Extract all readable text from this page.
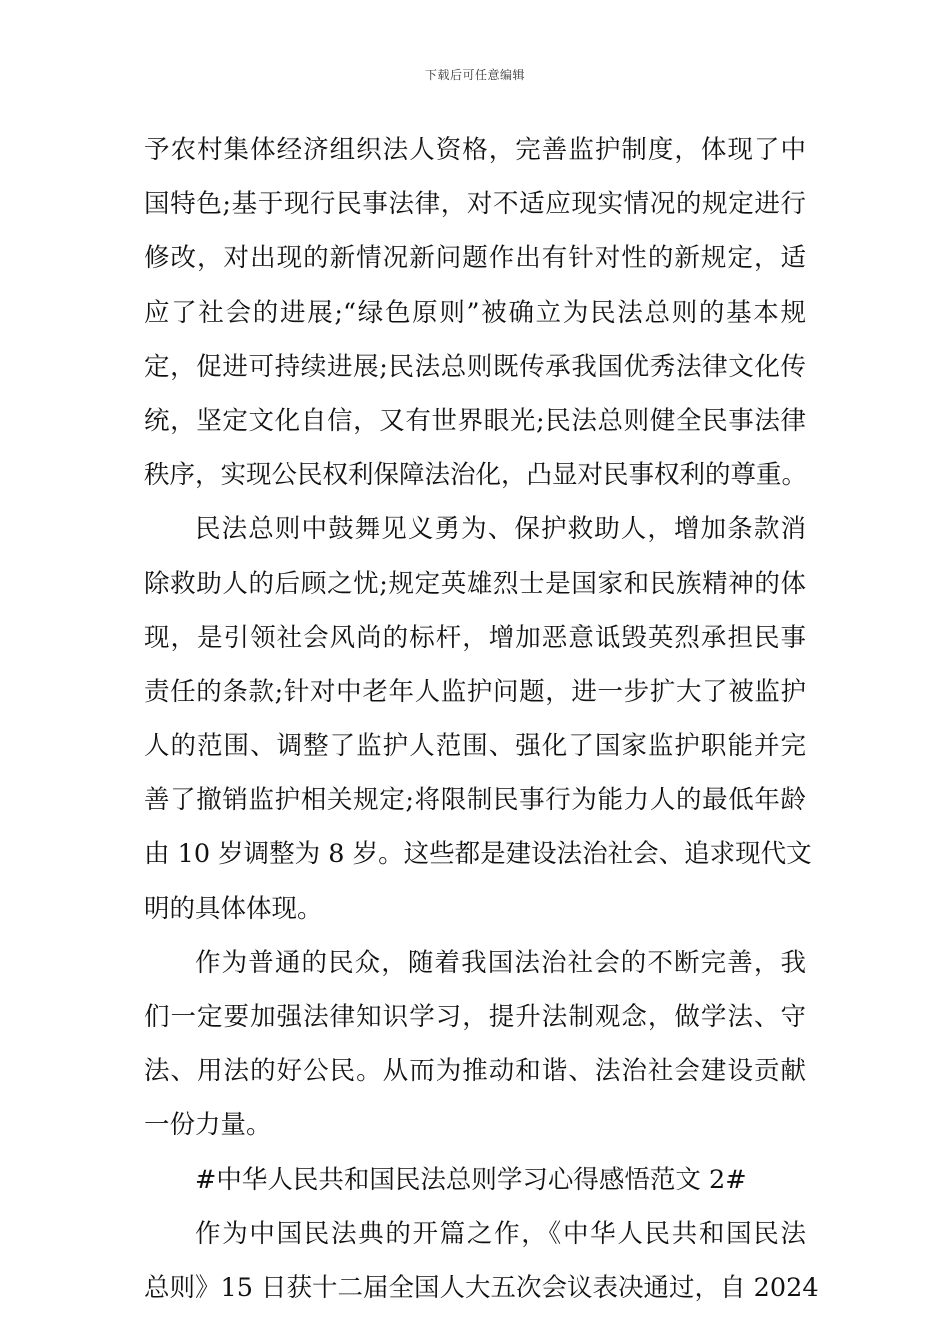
下载后可任意编辑
予农村集体经济组织法人资格，完善监护制度，体现了中
国特色;基于现行民事法律，对不适应现实情况的规定进行
修改，对出现的新情况新问题作出有针对性的新规定，适
应了社会的进展;“绿色原则”被确立为民法总则的基本规
定，促进可持续进展;民法总则既传承我国优秀法律文化传
统，坚定文化自信，又有世界眼光;民法总则健全民事法律
秩序，实现公民权利保障法治化，凸显对民事权利的尊重。
民法总则中鼓舞见义勇为、保护救助人，增加条款消
除救助人的后顾之忧;规定英雄烈士是国家和民族精神的体
现，是引领社会风尚的标杆，增加恶意诋毁英烈承担民事
责任的条款;针对中老年人监护问题，进一步扩大了被监护
人的范围、调整了监护人范围、强化了国家监护职能并完
善了撤销监护相关规定;将限制民事行为能力人的最低年龄
由 10 岁调整为 8 岁。这些都是建设法治社会、追求现代文
明的具体体现。
作为普通的民众，随着我国法治社会的不断完善，我
们一定要加强法律知识学习，提升法制观念，做学法、守
法、用法的好公民。从而为推动和谐、法治社会建设贡献
一份力量。
#中华人民共和国民法总则学习心得感悟范文 2#
作为中国民法典的开篇之作，《中华人民共和国民法
总则》15 日获十二届全国人大五次会议表决通过，自 2024
